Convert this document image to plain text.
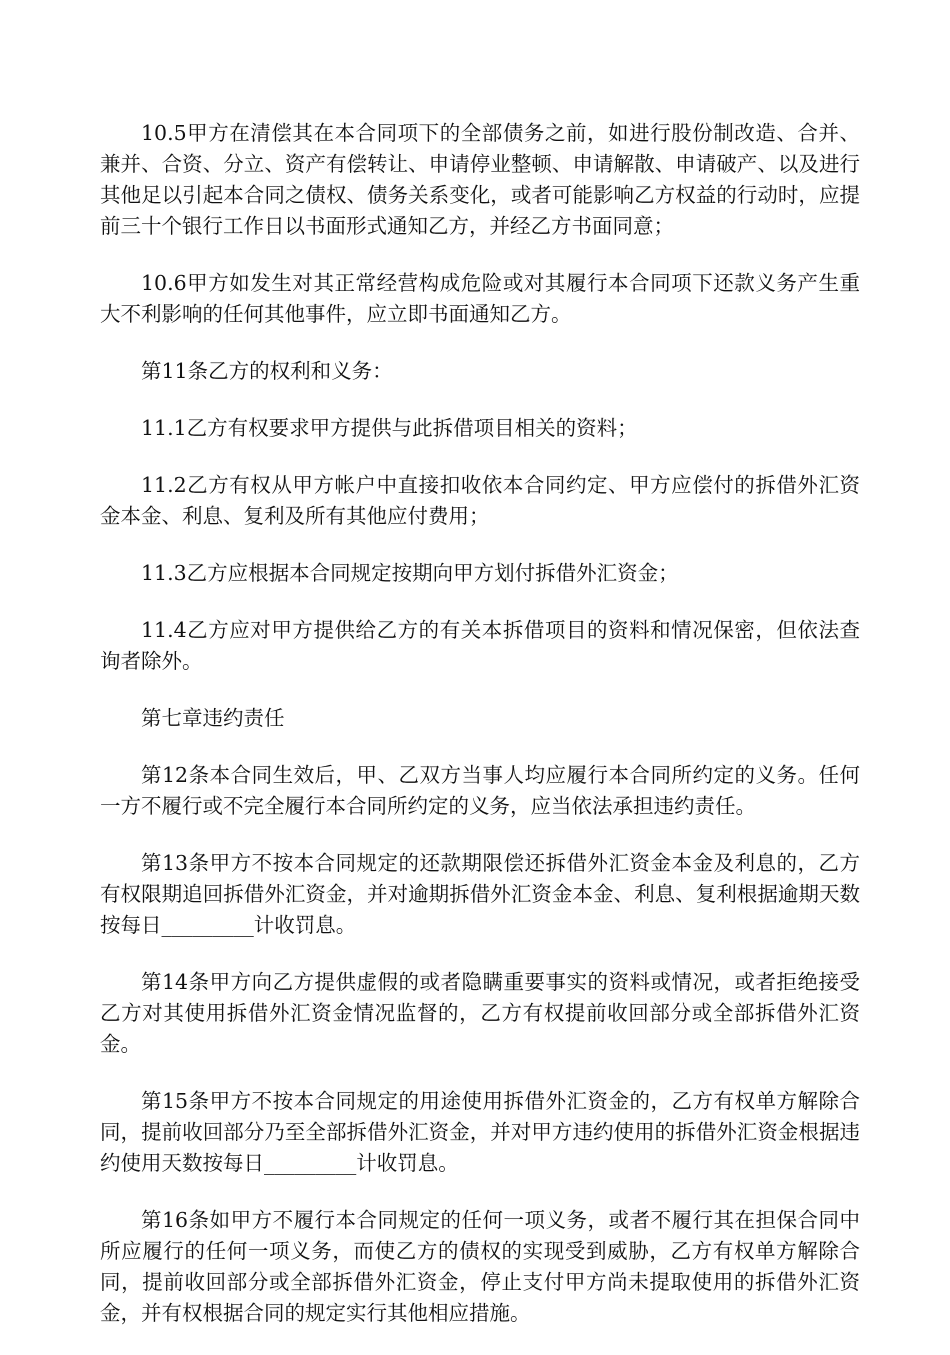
10.5甲方在清偿其在本合同项下的全部债务之前，如进行股份制改造、合并、兼并、合资、分立、资产有偿转让、申请停业整顿、申请解散、申请破产、以及进行其他足以引起本合同之债权、债务关系变化，或者可能影响乙方权益的行动时，应提前三十个银行工作日以书面形式通知乙方，并经乙方书面同意；

10.6甲方如发生对其正常经营构成危险或对其履行本合同项下还款义务产生重大不利影响的任何其他事件，应立即书面通知乙方。

第11条乙方的权利和义务：

11.1乙方有权要求甲方提供与此拆借项目相关的资料；

11.2乙方有权从甲方帐户中直接扣收依本合同约定、甲方应偿付的拆借外汇资金本金、利息、复利及所有其他应付费用；

11.3乙方应根据本合同规定按期向甲方划付拆借外汇资金；

11.4乙方应对甲方提供给乙方的有关本拆借项目的资料和情况保密，但依法查询者除外。

第七章违约责任

第12条本合同生效后，甲、乙双方当事人均应履行本合同所约定的义务。任何一方不履行或不完全履行本合同所约定的义务，应当依法承担违约责任。

第13条甲方不按本合同规定的还款期限偿还拆借外汇资金本金及利息的，乙方有权限期追回拆借外汇资金，并对逾期拆借外汇资金本金、利息、复利根据逾期天数按每日_________计收罚息。

第14条甲方向乙方提供虚假的或者隐瞒重要事实的资料或情况，或者拒绝接受乙方对其使用拆借外汇资金情况监督的，乙方有权提前收回部分或全部拆借外汇资金。

第15条甲方不按本合同规定的用途使用拆借外汇资金的，乙方有权单方解除合同，提前收回部分乃至全部拆借外汇资金，并对甲方违约使用的拆借外汇资金根据违约使用天数按每日_________计收罚息。

第16条如甲方不履行本合同规定的任何一项义务，或者不履行其在担保合同中所应履行的任何一项义务，而使乙方的债权的实现受到威胁，乙方有权单方解除合同，提前收回部分或全部拆借外汇资金，停止支付甲方尚未提取使用的拆借外汇资金，并有权根据合同的规定实行其他相应措施。
